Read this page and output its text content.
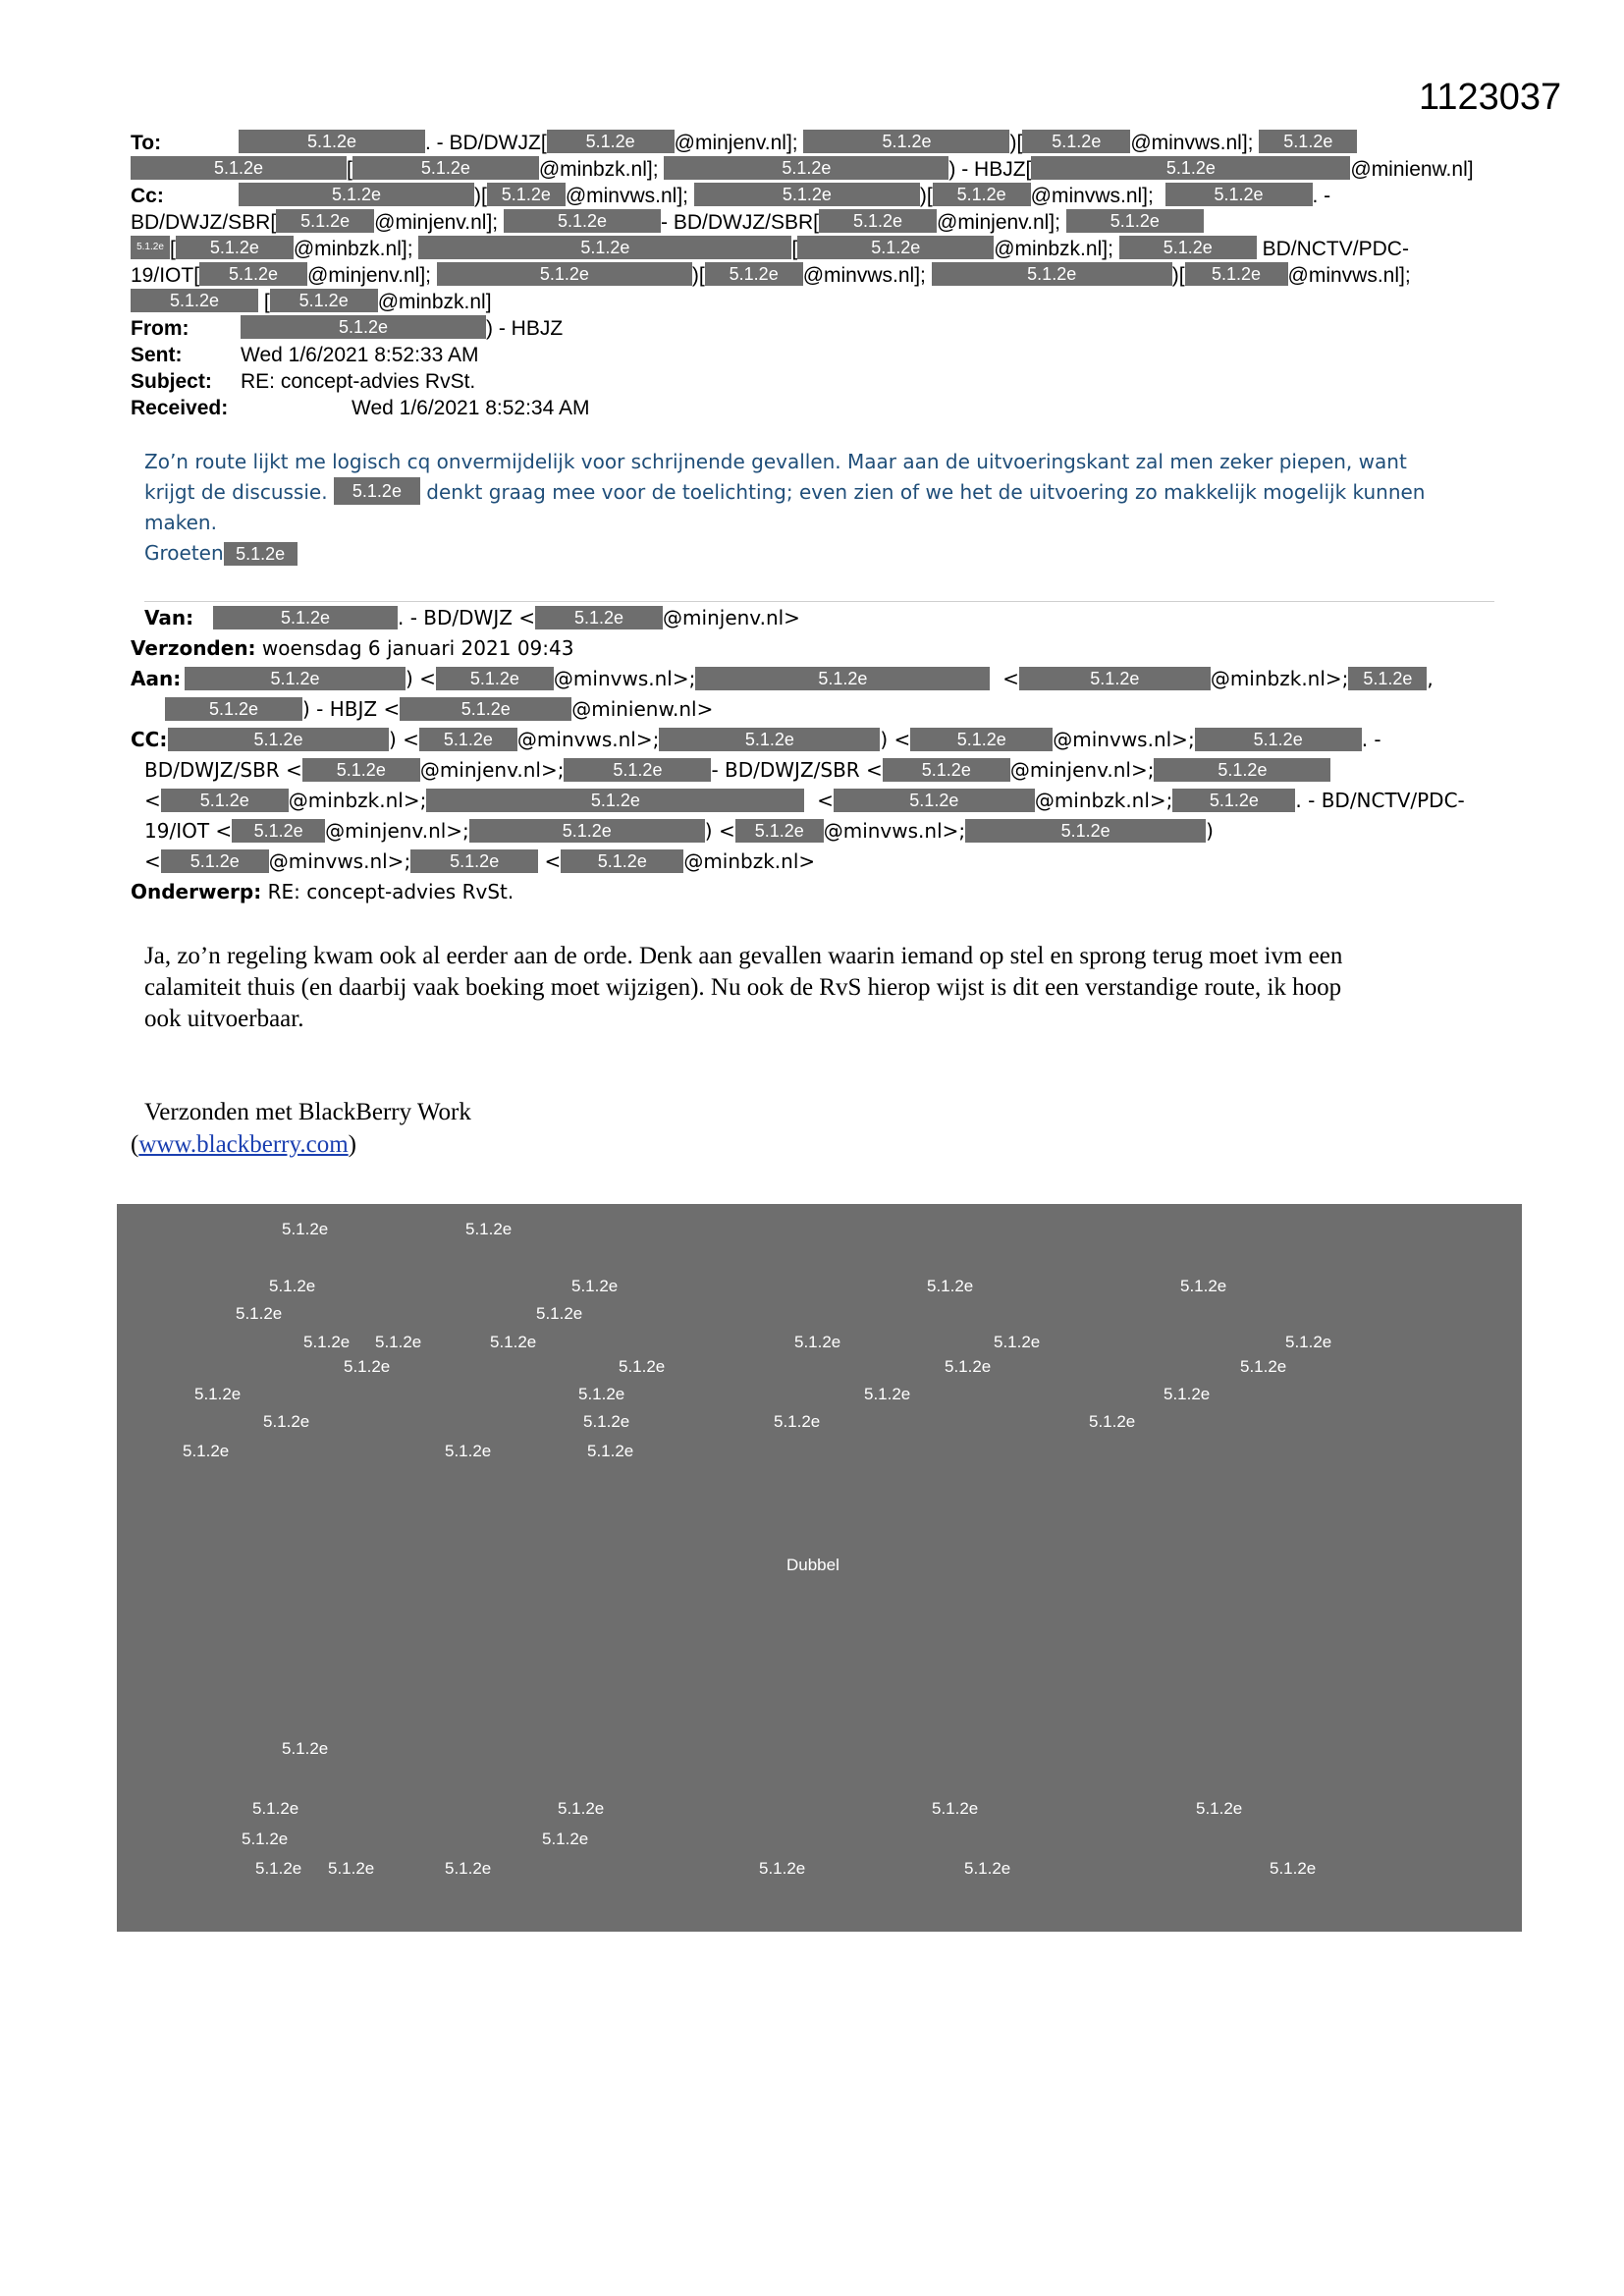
1123037
To:	5.1.2e	. - BD/DWJZ[ 5.1.2e @minjenv.nl];	5.1.2e	)[ 5.1.2e @minvws.nl]; 5.1.2e
5.1.2e	[	5.1.2e	@minbzk.nl];	5.1.2e	) - HBJZ[	5.1.2e	@minienw.nl]
Cc:	5.1.2e	)[ 5.1.2e @minvws.nl];	5.1.2e	)[ 5.1.2e @minvws.nl];	5.1.2e . -
BD/DWJZ/SBR[ 5.1.2e @minjenv.nl];	5.1.2e	- BD/DWJZ/SBR[ 5.1.2e @minjenv.nl];	5.1.2e
5.1.2e [ 5.1.2e @minbzk.nl];	5.1.2e	[	5.1.2e	@minbzk.nl];	5.1.2e BD/NCTV/PDC-
19/IOT[ 5.1.2e @minjenv.nl];	5.1.2e	)[ 5.1.2e @minvws.nl];	5.1.2e	)[ 5.1.2e @minvws.nl];
5.1.2e [ 5.1.2e @minbzk.nl]
From:	5.1.2e	) - HBJZ
Sent:	Wed 1/6/2021 8:52:33 AM
Subject: RE: concept-advies RvSt.
Received:	Wed 1/6/2021 8:52:34 AM
Zo’n route lijkt me logisch cq onvermijdelijk voor schrijnende gevallen. Maar aan de uitvoeringskant zal men zeker piepen, want
krijgt de discussie. 5.1.2e denkt graag mee voor de toelichting; even zien of we het de uitvoering zo makkelijk mogelijk kunnen
maken.
Groeten 5.1.2e
Van:	5.1.2e	. - BD/DWJZ < 5.1.2e @minjenv.nl>
Verzonden: woensdag 6 januari 2021 09:43
Aan:	5.1.2e	) < 5.1.2e @minvws.nl>;	5.1.2e	<	5.1.2e	@minbzk.nl>; 5.1.2e ,
5.1.2e ) - HBJZ <	5.1.2e	@minienw.nl>
CC:	5.1.2e	) < 5.1.2e @minvws.nl>;	5.1.2e	) <	5.1.2e @minvws.nl>;	5.1.2e	. -
BD/DWJZ/SBR < 5.1.2e @minjenv.nl>;	5.1.2e - BD/DWJZ/SBR < 5.1.2e @minjenv.nl>;	5.1.2e
< 5.1.2e @minbzk.nl>;	5.1.2e	<	5.1.2e	@minbzk.nl>; 5.1.2e . - BD/NCTV/PDC-
19/IOT < 5.1.2e @minjenv.nl>;	5.1.2e	) < 5.1.2e @minvws.nl>;	5.1.2e	)
< 5.1.2e @minvws.nl>; 5.1.2e < 5.1.2e @minbzk.nl>
Onderwerp: RE: concept-advies RvSt.
Ja, zo’n regeling kwam ook al eerder aan de orde. Denk aan gevallen waarin iemand op stel en sprong terug moet ivm een
calamiteit thuis (en daarbij vaak boeking moet wijzigen). Nu ook de RvS hierop wijst is dit een verstandige route, ik hoop
ook uitvoerbaar.
Verzonden met BlackBerry Work
(www.blackberry.com)
5.1.2e	5.1.2e
5.1.2e	5.1.2e	5.1.2e	5.1.2e
5.1.2e	5.1.2e
5.1.2e 5.1.2e	5.1.2e	5.1.2e	5.1.2e	5.1.2e
5.1.2e	5.1.2e	5.1.2e	5.1.2e
5.1.2e	5.1.2e	5.1.2e	5.1.2e
5.1.2e	5.1.2e	5.1.2e	5.1.2e
5.1.2e	5.1.2e	5.1.2e
Dubbel
5.1.2e
5.1.2e	5.1.2e	5.1.2e	5.1.2e
5.1.2e	5.1.2e
5.1.2e 5.1.2e	5.1.2e	5.1.2e	5.1.2e	5.1.2e
